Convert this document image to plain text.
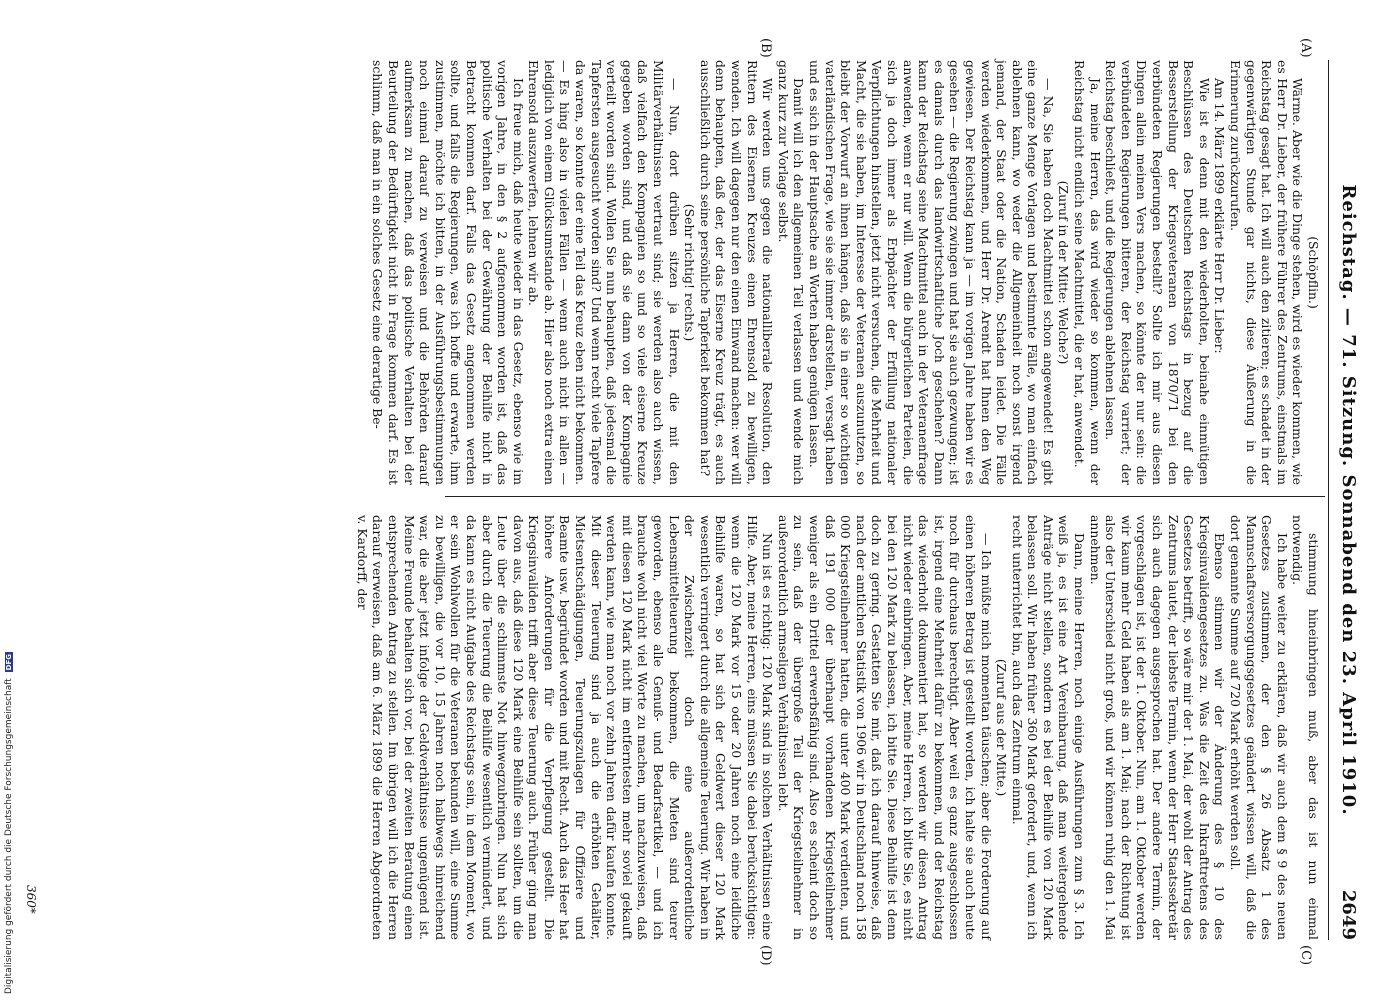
Reichstag. — 71. Sitzung. Sonnabend den 23. April 1910.
2649
(A)
(B)
(C)
(D)

(Schöpflin.)

Wärme. Aber wie die Dinge stehen, wird es wieder kommen, wie es Herr Dr. Lieber, der frühere Führer des Zentrums, einstmals im Reichstag gesagt hat. Ich will auch den zitieren; es schadet in der gegenwärtigen Stunde gar nichts, diese Äußerung in die Erinnerung zurückzurufen.

Am 14. März 1899 erklärte Herr Dr. Lieber:

Wie ist es denn mit den wiederholten, beinahe einmütigen Beschlüssen des Deutschen Reichstags in bezug auf die Besserstellung der Kriegsveteranen von 1870/71 bei den verbündeten Regierungen bestellt? Sollte ich mir aus diesen Dingen allein meinen Vers machen, so könnte der nur sein: die verbündeten Regierungen bitteren, der Reichstag varriert; der Reichstag beschließt, und die Regierungen ablehnen lassen.

Ja, meine Herren, das wird wieder so kommen, wenn der Reichstag nicht endlich seine Machtmittel, die er hat, anwendet.

(Zuruf in der Mitte: Welche?)

— Na, Sie haben doch Machtmittel schon angewendet! Es gibt eine ganze Menge Vorlagen und bestimmte Fälle, wo man einfach ablehnen kann, wo weder die Allgemeinheit noch sonst irgend jemand, der Staat oder die Nation, Schaden leidet. Die Fälle werden wiederkommen, und Herr Dr. Arendt hat Ihnen den Weg gewiesen. Der Reichstag kann ja — im vorigen Jahre haben wir es gesehen — die Regierung zwingen und hat sie auch gezwungen; ist es damals durch das landwirtschaftliche Joch geschehen? Dann kann der Reichstag seine Machtmittel auch in der Veteranenfrage anwenden, wenn er nur will. Wenn die bürgerlichen Parteien, die sich ja doch immer als Erbpächter der Erfüllung nationaler Verpflichtungen hinstellen, jetzt nicht versuchen, die Mehrheit und Macht, die sie haben, im Interesse der Veteranen auszunutzen, so bleibt der Vorwurf an ihnen hängen, daß sie in einer so wichtigen vaterländischen Frage, wie sie sie immer darstellen, versagt haben und es sich in der Hauptsache an Worten haben genügen lassen.

Damit will ich den allgemeinen Teil verlassen und wende mich ganz kurz zur Vorlage selbst.

Wir werden uns gegen die nationalliberale Resolution, den Rittern des Eisernen Kreuzes einen Ehrensold zu bewilligen, wenden. Ich will dagegen nur den einen Einwand machen: wer will denn behaupten, daß der, der das Eiserne Kreuz trägt, es auch ausschließlich durch seine persönliche Tapferkeit bekommen hat?

(Sehr richtig! rechts.)

— Nun, dort drüben sitzen ja Herren, die mit den Militärverhältnissen vertraut sind; sie werden also auch wissen, daß vielfach den Kompagnien so und so viele eiserne Kreuze gegeben worden sind, und daß sie dann von der Kompagnie verteilt worden sind. Wollen Sie nun behaupten, daß jedesmal die Tapfersten ausgesucht worden sind? Und wenn recht viele Tapfere da waren, so konnte der eine Teil das Kreuz eben nicht bekommen. — Es hing also in vielen Fällen — wenn auch nicht in allen — lediglich von einem Glücksumstande ab. Hier also noch extra einen Ehrensold auszuwerfen, lehnen wir ab.

Ich freue mich, daß heute wieder in das Gesetz, ebenso wie im vorigen Jahre, in den § 2 aufgenommen worden ist, daß das politische Verhalten bei der Gewährung der Beihilfe nicht in Betracht kommen darf. Falls das Gesetz angenommen werden sollte, und falls die Regierungen, was ich hoffe und erwarte, ihm zustimmen, möchte ich bitten, in der Ausführungsbestimmungen noch einmal darauf zu verweisen und die Behörden darauf aufmerksam zu machen, daß das politische Verhalten bei der Beurteilung der Bedürftigkeit nicht in Frage kommen darf. Es ist schlimm, daß man in ein solches Gesetz eine derartige Be-

stimmung hineinbringen muß, aber das ist nun einmal notwendig.

Ich habe weiter zu erklären, daß wir auch dem § 9 des neuen Gesetzes zustimmen, der den § 26 Absatz 1 des Mannschaftsversorgungsgesetzes geändert wissen will, daß die dort genannte Summe auf 720 Mark erhöht werden soll.

Ebenso stimmen wir der Änderung des § 10 des Kriegsinvalidengesetzes zu. Was die Zeit des Inkrafttretens des Gesetzes betrifft, so wäre mir der 1. Mai, der wohl der Antrag des Zentrums lautet, der liebste Termin, wenn der Herr Staatssekretär sich auch dagegen ausgesprochen hat. Der andere Termin, der vorgeschlagen ist, ist der 1. Oktober. Nun, am 1. Oktober werden wir kaum mehr Geld haben als am 1. Mai; nach der Richtung ist also der Unterschied nicht groß, und wir können ruhig den 1. Mai annehmen.

Dann, meine Herren, noch einige Ausführungen zum § 3. Ich weiß ja, es ist eine Art Vereinbarung, daß man weitergehende Anträge nicht stellen, sondern es bei der Beihilfe von 120 Mark belassen soll. Wir haben früher 360 Mark gefordert, und, wenn ich recht unterrichtet bin, auch das Zentrum einmal.

(Zuruf aus der Mitte.)

— Ich müßte mich momentan täuschen; aber die Forderung auf einen höheren Betrag ist gestellt worden, ich halte sie auch heute noch für durchaus berechtigt. Aber weil es ganz ausgeschlossen ist, irgend eine Mehrheit dafür zu bekommen, und der Reichstag das wiederholt dokumentiert hat, so werden wir diesen Antrag nicht wieder einbringen. Aber, meine Herren, ich bitte Sie, es nicht bei den 120 Mark zu belassen, ich bitte Sie. Diese Beihilfe ist denn doch zu gering. Gestatten Sie mir, daß ich darauf hinweise, daß nach der amtlichen Statistik von 1906 wir in Deutschland noch 158 000 Kriegsteilnehmer hatten, die unter 400 Mark verdienten, und daß 191 000 der überhaupt vorhandenen Kriegsteilnehmer weniger als ein Drittel erwerbsfähig sind. Also es scheint doch so zu sein, daß der übergroße Teil der Kriegsteilnehmer in außerordentlich armseligen Verhältnissen lebt.

Nun ist es richtig: 120 Mark sind in solchen Verhältnissen eine Hilfe. Aber, meine Herren, eins müssen Sie dabei berücksichtigen: wenn die 120 Mark vor 15 oder 20 Jahren noch eine leidliche Beihilfe waren, so hat sich der Geldwert dieser 120 Mark wesentlich verringert durch die allgemeine Teuerung. Wir haben in der Zwischenzeit doch eine außerordentliche Lebensmittelteuerung bekommen, die Mieten sind teurer geworden, ebenso alle Genuß- und Bedarfsartikel, — und ich brauche wohl nicht viel Worte zu machen, um nachzuweisen, daß mit diesen 120 Mark nicht im entferntesten mehr soviel gekauft werden kann, wie man noch vor zehn Jahren dafür kaufen konnte. Mit dieser Teuerung sind ja auch die erhöhten Gehälter, Mietsentschädigungen, Teuerungszulagen für Offiziere und Beamte usw. begründet worden und mit Recht. Auch das Heer hat höhere Anforderungen für die Verpflegung gestellt. Die Kriegsinvaliden trifft aber diese Teuerung auch. Früher ging man davon aus, daß diese 120 Mark eine Beihilfe sein sollten, um die Leute über die schlimmste Not hinwegzubringen. Nun hat sich aber durch die Teuerung die Beihilfe wesentlich vermindert, und da kann es nicht Aufgabe des Reichstags sein, in dem Moment, wo er sein Wohlwollen für die Veteranen bekunden will, eine Summe zu bewilligen, die vor 10, 15 Jahren noch halbwegs hinreichend war, die aber jetzt infolge der Geldverhältnisse ungenügend ist. Meine Freunde behalten sich vor, bei der zweiten Beratung einen entsprechenden Antrag zu stellen. Im übrigen will ich die Herren darauf verweisen, daß am 6. März 1899 die Herren Abgeordneten v. Kardorff, der

360*
Digitalisierung gefördert durch die Deutsche Forschungsgemeinschaft DFG
